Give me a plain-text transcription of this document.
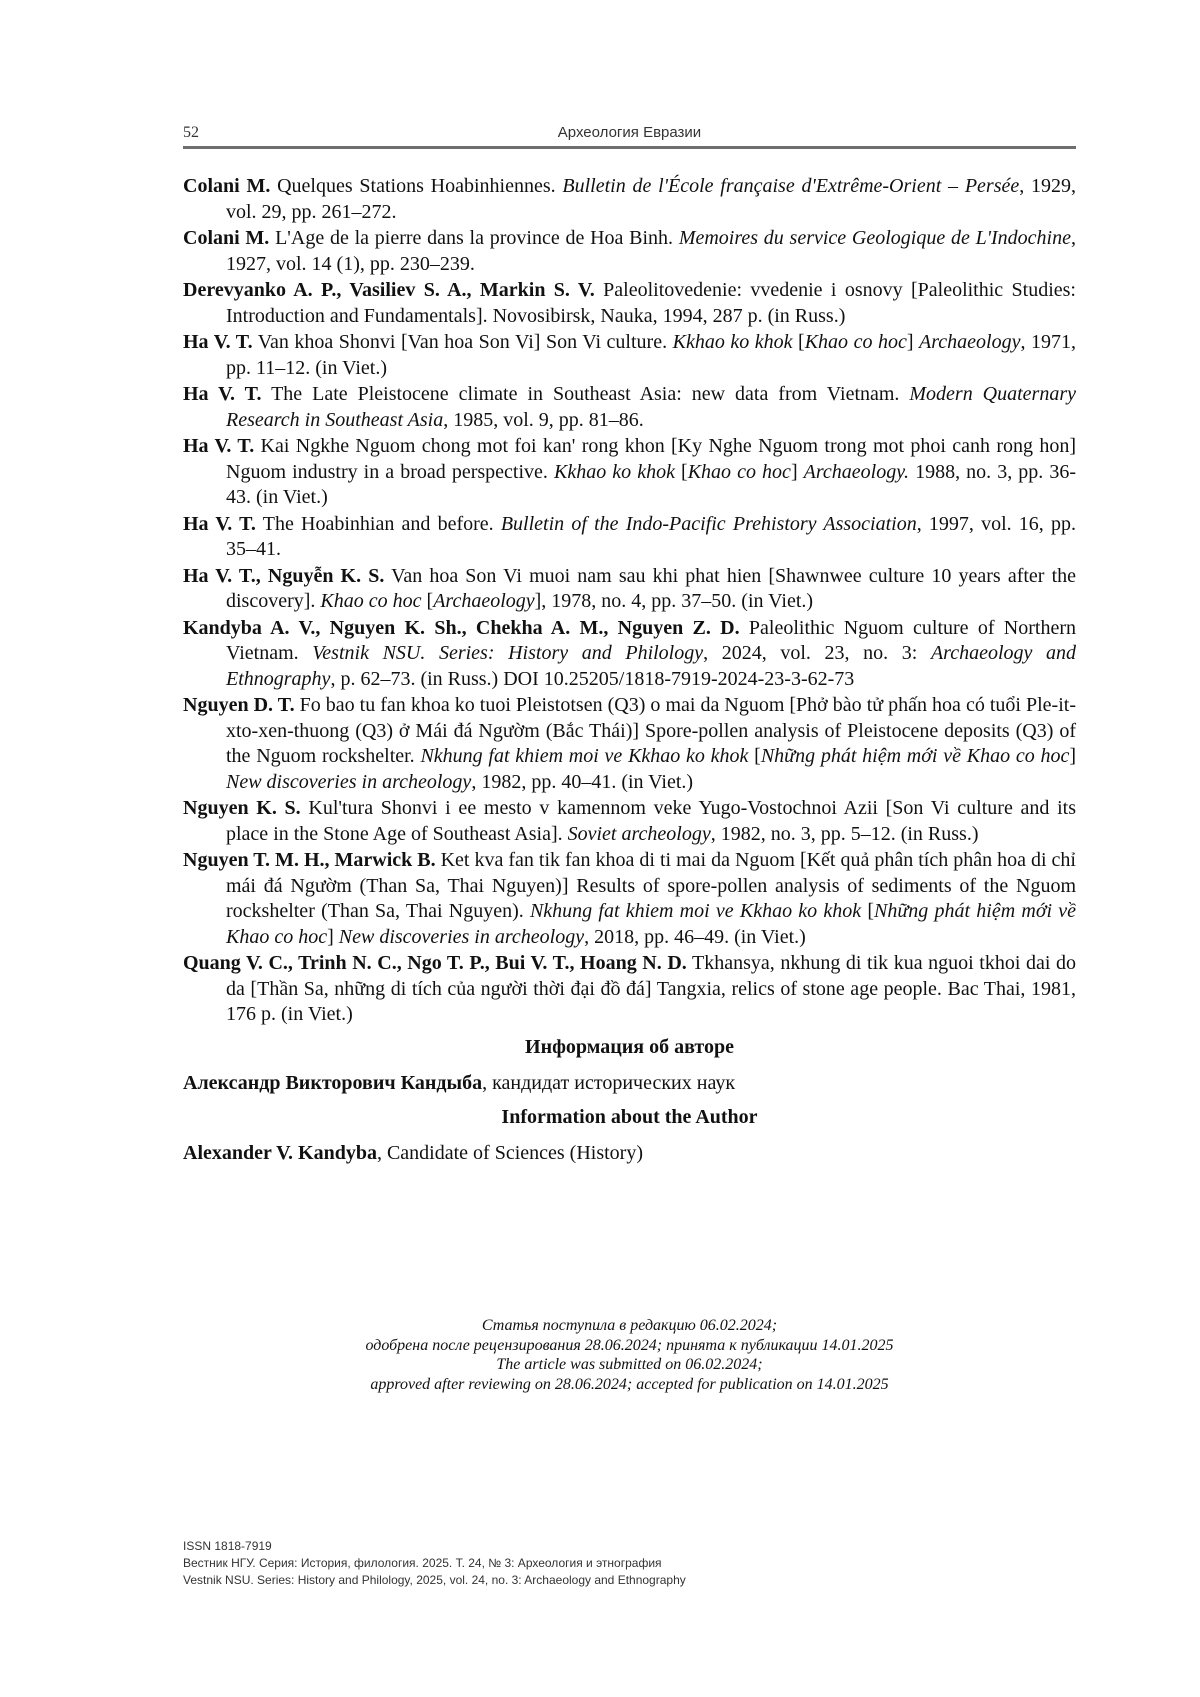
52	Археология Евразии

Colani M. Quelques Stations Hoabinhiennes. Bulletin de l'École française d'Extrême-Orient – Persée, 1929, vol. 29, pp. 261–272.

Colani M. L'Age de la pierre dans la province de Hoa Binh. Memoires du service Geologique de L'Indochine, 1927, vol. 14 (1), pp. 230–239.

Derevyanko A. P., Vasiliev S. A., Markin S. V. Paleolitovedenie: vvedenie i osnovy [Paleolithic Studies: Introduction and Fundamentals]. Novosibirsk, Nauka, 1994, 287 p. (in Russ.)

Ha V. T. Van khoa Shonvi [Van hoa Son Vi] Son Vi culture. Kkhao ko khok [Khao co hoc] Archaeology, 1971, pp. 11–12. (in Viet.)

Ha V. T. The Late Pleistocene climate in Southeast Asia: new data from Vietnam. Modern Quaternary Research in Southeast Asia, 1985, vol. 9, pp. 81–86.

Ha V. T. Kai Ngkhe Nguom chong mot foi kan' rong khon [Ky Nghe Nguom trong mot phoi canh rong hon] Nguom industry in a broad perspective. Kkhao ko khok [Khao co hoc] Archaeology. 1988, no. 3, pp. 36-43. (in Viet.)

Ha V. T. The Hoabinhian and before. Bulletin of the Indo-Pacific Prehistory Association, 1997, vol. 16, pp. 35–41.

Ha V. T., Nguyễn K. S. Van hoa Son Vi muoi nam sau khi phat hien [Shawnwee culture 10 years after the discovery]. Khao co hoc [Archaeology], 1978, no. 4, pp. 37–50. (in Viet.)

Kandyba A. V., Nguyen K. Sh., Chekha A. M., Nguyen Z. D. Paleolithic Nguom culture of Northern Vietnam. Vestnik NSU. Series: History and Philology, 2024, vol. 23, no. 3: Archaeology and Ethnography, p. 62–73. (in Russ.) DOI 10.25205/1818-7919-2024-23-3-62-73

Nguyen D. T. Fo bao tu fan khoa ko tuoi Pleistotsen (Q3) o mai da Nguom [Phở bào tử phấn hoa có tuổi Ple-it-xto-xen-thuong (Q3) ở Mái đá Ngườm (Bắc Thái)] Spore-pollen analysis of Pleistocene deposits (Q3) of the Nguom rockshelter. Nkhung fat khiem moi ve Kkhao ko khok [Những phát hiệm mới về Khao co hoc] New discoveries in archeology, 1982, pp. 40–41. (in Viet.)

Nguyen K. S. Kul'tura Shonvi i ee mesto v kamennom veke Yugo-Vostochnoi Azii [Son Vi culture and its place in the Stone Age of Southeast Asia]. Soviet archeology, 1982, no. 3, pp. 5–12. (in Russ.)

Nguyen T. M. H., Marwick B. Ket kva fan tik fan khoa di ti mai da Nguom [Kết quả phân tích phân hoa di chỉ mái đá Ngườm (Than Sa, Thai Nguyen)] Results of spore-pollen analysis of sediments of the Nguom rockshelter (Than Sa, Thai Nguyen). Nkhung fat khiem moi ve Kkhao ko khok [Những phát hiệm mới về Khao co hoc] New discoveries in archeology, 2018, pp. 46–49. (in Viet.)

Quang V. C., Trinh N. C., Ngo T. P., Bui V. T., Hoang N. D. Tkhansya, nkhung di tik kua nguoi tkhoi dai do da [Thần Sa, những di tích của người thời đại đồ đá] Tangxia, relics of stone age people. Bac Thai, 1981, 176 p. (in Viet.)

Информация об авторе
Александр Викторович Кандыба, кандидат исторических наук
Information about the Author
Alexander V. Kandyba, Candidate of Sciences (History)
Статья поступила в редакцию 06.02.2024;
одобрена после рецензирования 28.06.2024; принята к публикации 14.01.2025
The article was submitted on 06.02.2024;
approved after reviewing on 28.06.2024; accepted for publication on 14.01.2025
ISSN 1818-7919
Вестник НГУ. Серия: История, филология. 2025. Т. 24, № 3: Археология и этнография
Vestnik NSU. Series: History and Philology, 2025, vol. 24, no. 3: Archaeology and Ethnography
